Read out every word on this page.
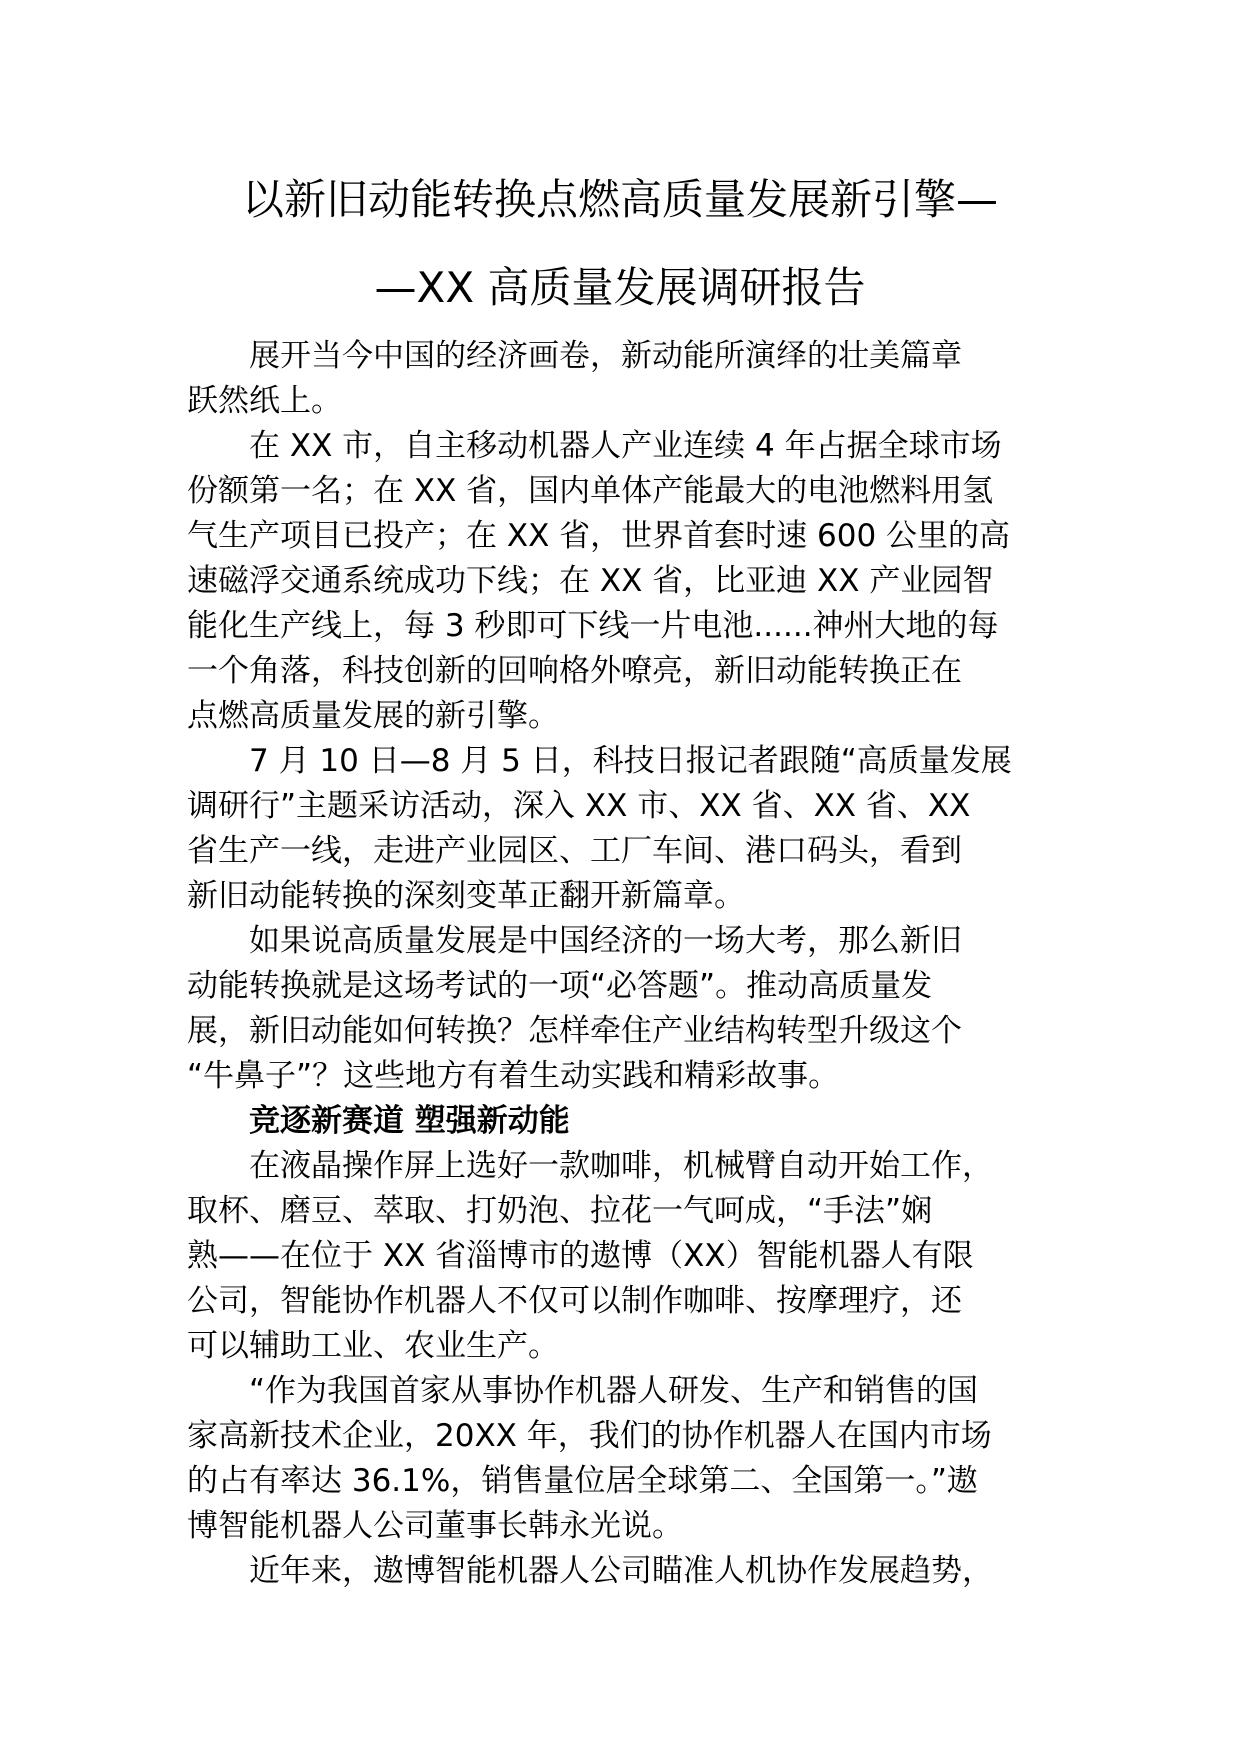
以新旧动能转换点燃高质量发展新引擎—
—XX 高质量发展调研报告
展开当今中国的经济画卷，新动能所演绎的壮美篇章
跃然纸上。
在 XX 市，自主移动机器人产业连续 4 年占据全球市场
份额第一名；在 XX 省，国内单体产能最大的电池燃料用氢
气生产项目已投产；在 XX 省，世界首套时速 600 公里的高
速磁浮交通系统成功下线；在 XX 省，比亚迪 XX 产业园智
能化生产线上，每 3 秒即可下线一片电池......神州大地的每
一个角落，科技创新的回响格外嘹亮，新旧动能转换正在
点燃高质量发展的新引擎。
7 月 10 日—8 月 5 日，科技日报记者跟随“高质量发展
调研行”主题采访活动，深入 XX 市、XX 省、XX 省、XX
省生产一线，走进产业园区、工厂车间、港口码头，看到
新旧动能转换的深刻变革正翻开新篇章。
如果说高质量发展是中国经济的一场大考，那么新旧
动能转换就是这场考试的一项“必答题”。推动高质量发
展，新旧动能如何转换？怎样牵住产业结构转型升级这个
“牛鼻子”？这些地方有着生动实践和精彩故事。
竞逐新赛道 塑强新动能
在液晶操作屏上选好一款咖啡，机械臂自动开始工作，
取杯、磨豆、萃取、打奶泡、拉花一气呵成，“手法”娴
熟——在位于 XX 省淄博市的遨博（XX）智能机器人有限
公司，智能协作机器人不仅可以制作咖啡、按摩理疗，还
可以辅助工业、农业生产。
“作为我国首家从事协作机器人研发、生产和销售的国
家高新技术企业，20XX 年，我们的协作机器人在国内市场
的占有率达 36.1%，销售量位居全球第二、全国第一。”遨
博智能机器人公司董事长韩永光说。
近年来，遨博智能机器人公司瞄准人机协作发展趋势，
